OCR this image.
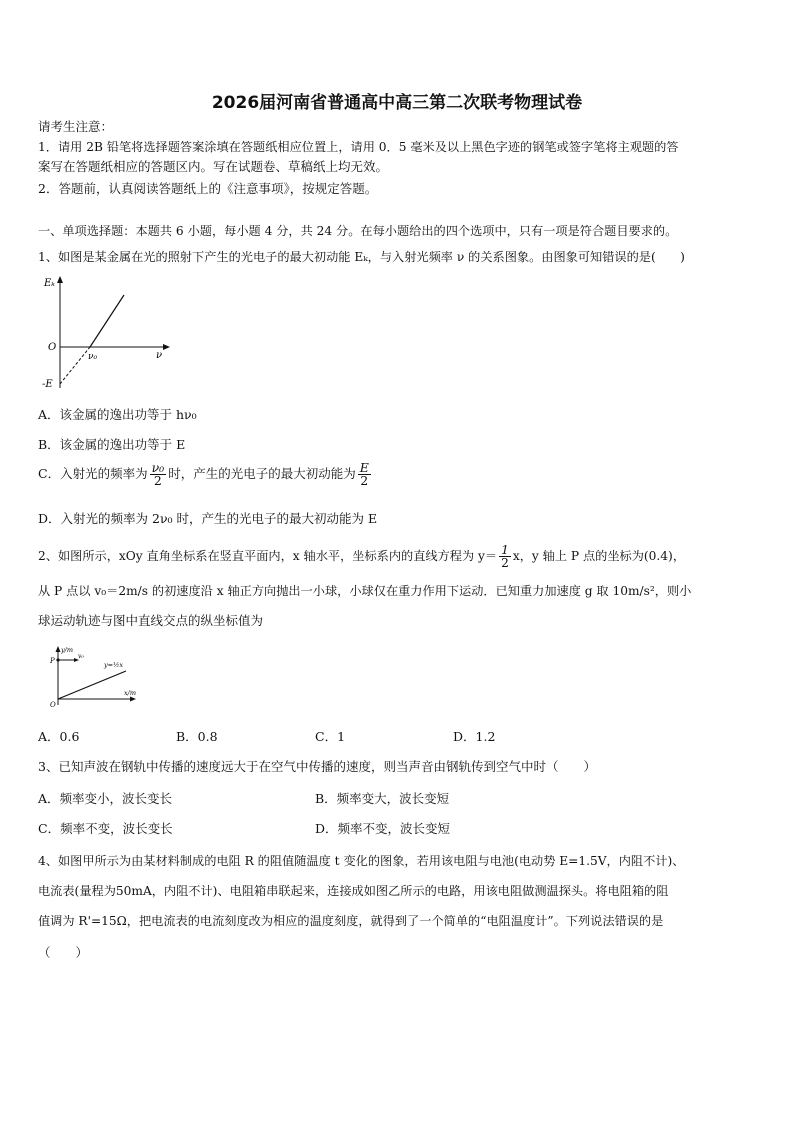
2026届河南省普通高中高三第二次联考物理试卷
请考生注意：
1．请用 2B 铅笔将选择题答案涂填在答题纸相应位置上，请用 0．5 毫米及以上黑色字迹的钢笔或签字笔将主观题的答
案写在答题纸相应的答题区内。写在试题卷、草稿纸上均无效。
2．答题前，认真阅读答题纸上的《注意事项》，按规定答题。
一、单项选择题：本题共 6 小题，每小题 4 分，共 24 分。在每小题给出的四个选项中，只有一项是符合题目要求的。
1、如图是某金属在光的照射下产生的光电子的最大初动能 Eₖ，与入射光频率 ν 的关系图象。由图象可知错误的是(　　)
Eₖ
O
ν₀	ν
-E
A．该金属的逸出功等于 hν₀
B．该金属的逸出功等于 E
C．入射光的频率为 $\frac{\text{ν₀}}{2}$ 时，产生的光电子的最大初动能为 $\frac{E}{2}$
D．入射光的频率为 2ν₀ 时，产生的光电子的最大初动能为 E
2、如图所示，xOy 直角坐标系在竖直平面内，x 轴水平，坐标系内的直线方程为 $y= \frac{1}{2}$ x，y 轴上 P 点的坐标为(0.4)，
从 P 点以 v₀＝2m/s 的初速度沿 x 轴正方向抛出一小球，小球仅在重力作用下运动．已知重力加速度 g 取 10m/s²，则小
球运动轨迹与图中直线交点的纵坐标值为
y/m
P
v₀
y=½x
x/m
O
A．0.6	B．0.8	C．1	D．1.2
3、已知声波在钢轨中传播的速度远大于在空气中传播的速度，则当声音由钢轨传到空气中时（　　）
A．频率变小，波长变长	B．频率变大，波长变短
C．频率不变，波长变长	D．频率不变，波长变短
4、如图甲所示为由某材料制成的电阻 R 的阻值随温度 t 变化的图象，若用该电阻与电池(电动势 E=1.5V，内阻不计)、
电流表(量程为50mA，内阻不计)、电阻箱串联起来，连接成如图乙所示的电路，用该电阻做测温探头。将电阻箱的阻
值调为 R'=15Ω，把电流表的电流刻度改为相应的温度刻度，就得到了一个简单的“电阻温度计”。下列说法错误的是
（　　）
